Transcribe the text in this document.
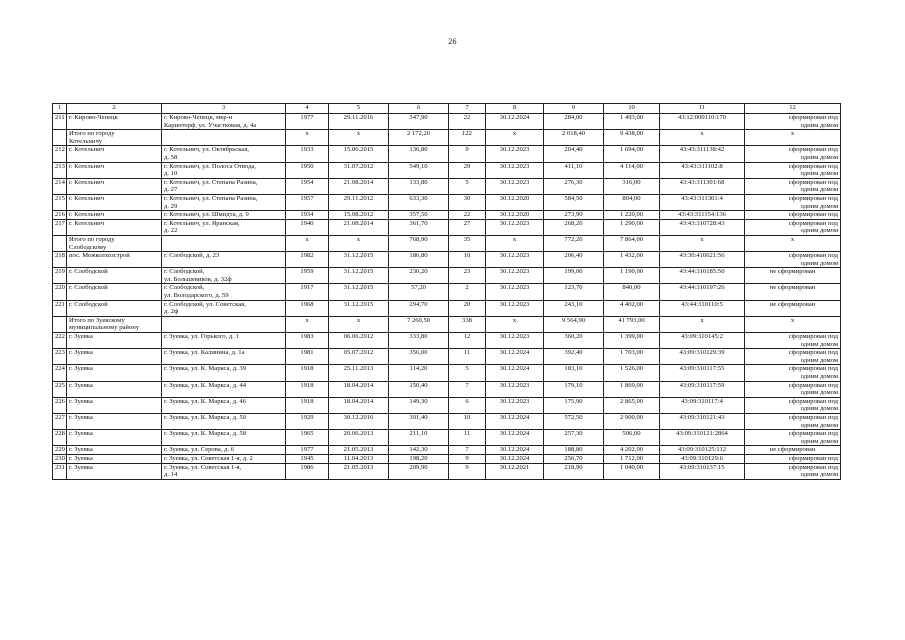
26
1	2	3	4	5	6	7	8	9	10	11	12
211	г. Кирово-Чепецк	г. Кирово-Чепецк, мкр-н
Каринторф, ул. Участковая, д. 4а	1977	29.11.2016	347,90	22	30.12.2024	284,00	1 493,00	43:12:000110:170	сформирован под
одним домом

	Итого по городу
Котельничу		х	х	2 172,20	122	х	2 018,40	9 438,00	х	х
212	г. Котельнич	г. Котельнич, ул. Октябрьская,
д. 58	1933	15.06.2015	136,80	9	30.12.2023	204,40	1 694,00	43:43:311138:42	сформирован под
одним домом

213	г. Котельнич	г. Котельнич, ул. Полоса Отвода,
д. 10	1950	31.07.2012	549,10	29	30.12.2023	411,10	4 114,00	43:43:311102:8	сформирован под
одним домом

214	г. Котельнич	г. Котельнич, ул. Степана Разина,
д. 27	1954	21.08.2014	133,80	5	30.12.2023	276,30	316,00	43:43:311301:68	сформирован под
одним домом

215	г. Котельнич	г. Котельнич, ул. Степана Разина,
д. 29	1957	29.11.2012	633,30	30	30.12.2020	584,50	804,00	43:43:311301:4	сформирован под
одним домом

216	г. Котельнич	г. Котельнич, ул. Шмидта, д. 9	1934	15.08.2012	357,50	22	30.12.2020	273,90	1 220,00	43:43:311154:136	сформирован под
217	г. Котельнич	г. Котельнич, ул. Яранская,
д. 22	1940	21.08.2014	361,70	27	30.12.2023	268,20	1 290,00	43:43:310728:43	сформирован под
одним домом

	Итого по городу
Слободскому		х	х	768,90	35	х	772,20	7 864,00	х	х
218	пос. Межколхозстрой	г. Слободской, д. 23	1982	31.12.2015	186,80	10	30.12.2023	206,40	1 432,00	43:30:410621:56	сформирован под
одним домом

219	г. Слободской	г. Слободской,
ул. Большевиков, д. 32ф	1959	31.12.2015	230,20	23	30.12.2023	199,00	1 190,00	43:44:310185:50	не сформирован
220	г. Слободской	г. Слободской,
ул. Володарского, д. 59	1917	31.12.2015	57,20	2	30.12.2023	123,70	840,00	43:44:310197:26	не сформирован
221	г. Слободской	г. Слободской, ул. Советская,
д. 2ф	1968	31.12.2015	294,70	20	30.12.2023	243,10	4 402,00	43:44:310110:5	не сформирован

	Итого по Зуевскому
муниципальному району		х	х	7 260,50	338	х	9 564,90	41 793,00	х	х
222	г. Зуевка	г. Зуевка, ул. Горького, д. 1	1983	06.06.2012	333,80	12	30.12.2023	360,20	1 399,00	43:09:310145:2	сформирован под
одним домом

223	г. Зуевка	г. Зуевка, ул. Калинина, д. 1а	1981	05.07.2012	356,00	11	30.12.2024	392,40	1 703,00	43:09:310129:39	сформирован под
одним домом

224	г. Зуевка	г. Зуевка, ул. К. Маркса, д. 39	1918	25.11.2013	114,20	5	30.12.2024	183,10	1 526,00	43:09:310117:55	сформирован под
одним домом

225	г. Зуевка	г. Зуевка, ул. К. Маркса, д. 44	1918	18.04.2014	150,40	7	30.12.2023	179,10	1 869,00	43:09:310117:59	сформирован под
одним домом

226	г. Зуевка	г. Зуевка, ул. К. Маркса, д. 46	1918	18.04.2014	149,30	6	30.12.2023	175,90	2 865,00	43:09:310117:4	сформирован под
одним домом

227	г. Зуевка	г. Зуевка, ул. К. Маркса, д. 50	1929	30.12.2016	391,40	10	30.12.2024	572,50	2 900,00	43:09:310121:43	сформирован под
одним домом

228	г. Зуевка	г. Зуевка, ул. К. Маркса, д. 58	1965	20.06.2013	211,10	11	30.12.2024	257,30	506,00	43:09:310121:2864	сформирован под
одним домом

229	г. Зуевка	г. Зуевка, ул. Серова, д. 6	1977	21.05.2013	142,30	7	30.12.2024	188,80	4 202,00	43:09:310125:112	не сформирован
230	г. Зуевка	г. Зуевка, ул. Советская 1-я, д. 2	1945	11.04.2013	198,20	9	30.12.2024	256,70	1 712,00	43:09:310129:6	сформирован под
231	г. Зуевка	г. Зуевка, ул. Советская 1-я,
д. 14	1986	21.05.2013	209,90	9	30.12.2021	218,90	1 040,00	43:09:310137:15	сформирован под
одним домом
